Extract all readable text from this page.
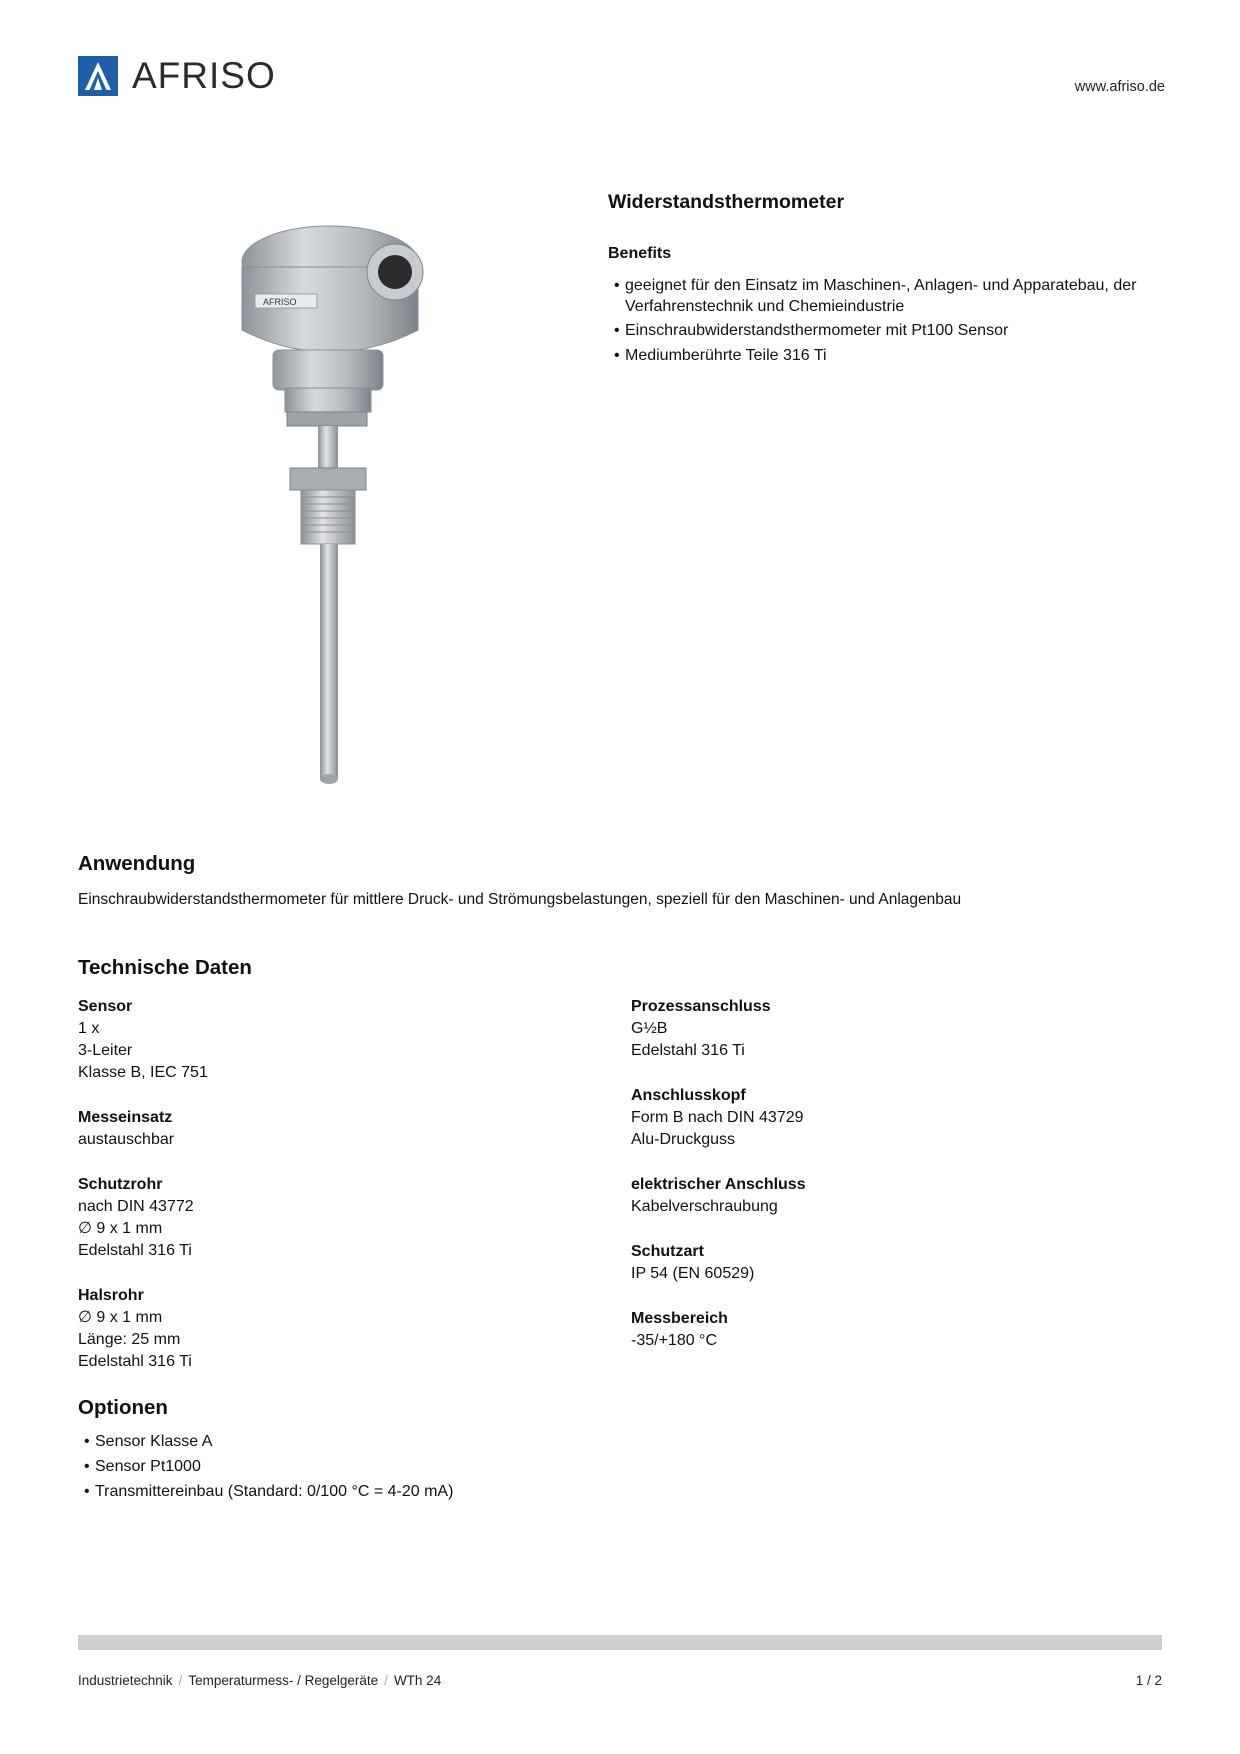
AFRISO	www.afriso.de
AFRISO
Widerstandsthermometer
Benefits
• geeignet für den Einsatz im Maschinen-, Anlagen- und Apparatebau, der Verfahrenstechnik und Chemieindustrie
• Einschraubwiderstandsthermometer mit Pt100 Sensor
• Mediumberührte Teile 316 Ti
Anwendung

Einschraubwiderstandsthermometer für mittlere Druck- und Strömungsbelastungen, speziell für den Maschinen- und Anlagenbau

Technische Daten
Sensor
1 x
3-Leiter
Klasse B, IEC 751
Messeinsatz
austauschbar
Schutzrohr
nach DIN 43772
∅ 9 x 1 mm
Edelstahl 316 Ti
Halsrohr
∅ 9 x 1 mm
Länge: 25 mm
Edelstahl 316 Ti
Prozessanschluss
G½B
Edelstahl 316 Ti
Anschlusskopf
Form B nach DIN 43729
Alu-Druckguss
elektrischer Anschluss
Kabelverschraubung
Schutzart
IP 54 (EN 60529)
Messbereich
-35/+180 °C
Optionen
• Sensor Klasse A
• Sensor Pt1000
• Transmittereinbau (Standard: 0/100 °C = 4-20 mA)
Industrietechnik / Temperaturmess- / Regelgeräte / WTh 24	1 / 2
